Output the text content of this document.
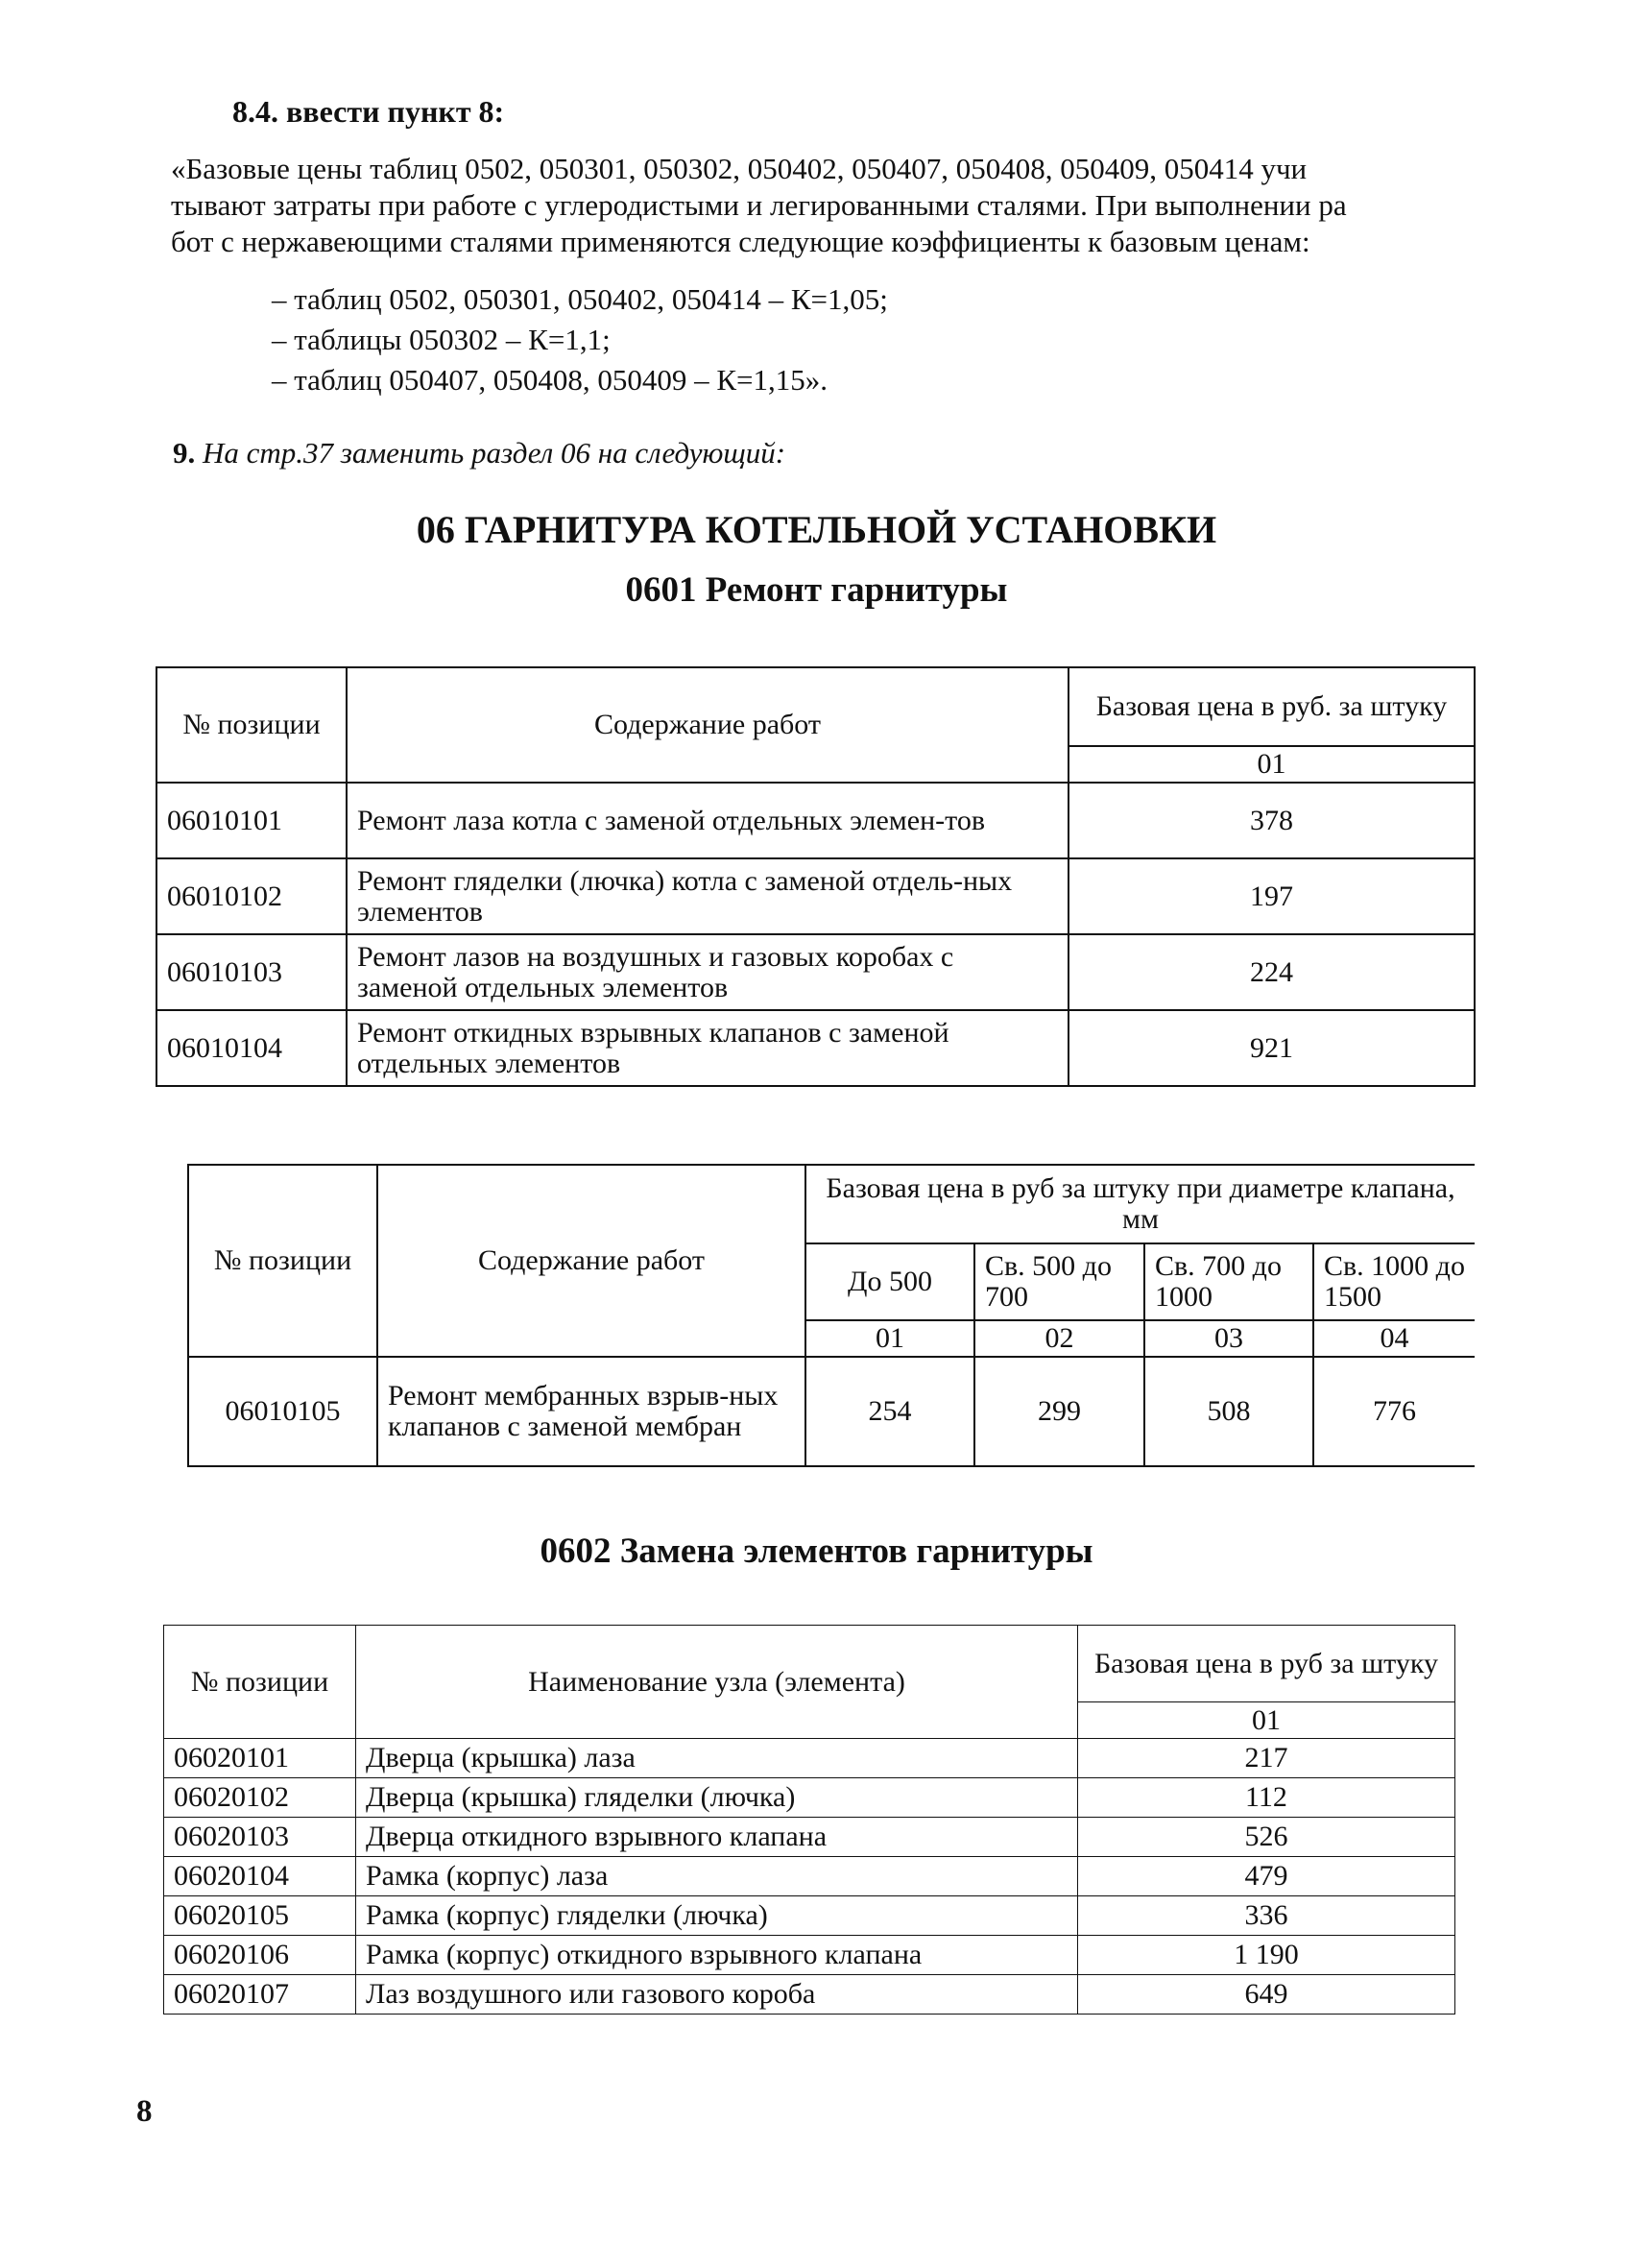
8.4. ввести пункт 8:
«Базовые цены таблиц 0502, 050301, 050302, 050402, 050407, 050408, 050409, 050414 учи
тывают затраты при работе с углеродистыми и легированными сталями. При выполнении ра
бот с нержавеющими сталями применяются следующие коэффициенты к базовым ценам:
– таблиц 0502, 050301, 050402, 050414 – К=1,05;
– таблицы 050302 – К=1,1;
– таблиц 050407, 050408, 050409 – К=1,15».
9. На стр.37 заменить раздел 06 на следующий:
06 ГАРНИТУРА КОТЕЛЬНОЙ УСТАНОВКИ
0601 Ремонт гарнитуры
№ позиции	Содержание работ	Базовая цена в руб. за штуку
		01
06010101	Ремонт лаза котла с заменой отдельных элемен-тов	378
06010102	Ремонт гляделки (лючка) котла с заменой отдель-ных элементов	197
06010103	Ремонт лазов на воздушных и газовых коробах с заменой отдельных элементов	224
06010104	Ремонт откидных взрывных клапанов с заменой отдельных элементов	921
№ позиции	Содержание работ	Базовая цена в руб за штуку при диаметре клапана, мм			
		До 500	Св. 500 до 700	Св. 700 до 1000	Св. 1000 до 1500
		01	02	03	04
06010105	Ремонт мембранных взрыв-ных клапанов с заменой мембран	254	299	508	776
0602 Замена элементов гарнитуры
№ позиции	Наименование узла (элемента)	Базовая цена в руб за штуку
		01
06020101	Дверца (крышка) лаза	217
06020102	Дверца (крышка) гляделки (лючка)	112
06020103	Дверца откидного взрывного клапана	526
06020104	Рамка (корпус) лаза	479
06020105	Рамка (корпус) гляделки (лючка)	336
06020106	Рамка (корпус) откидного взрывного клапана	1 190
06020107	Лаз воздушного или газового короба	649
8
